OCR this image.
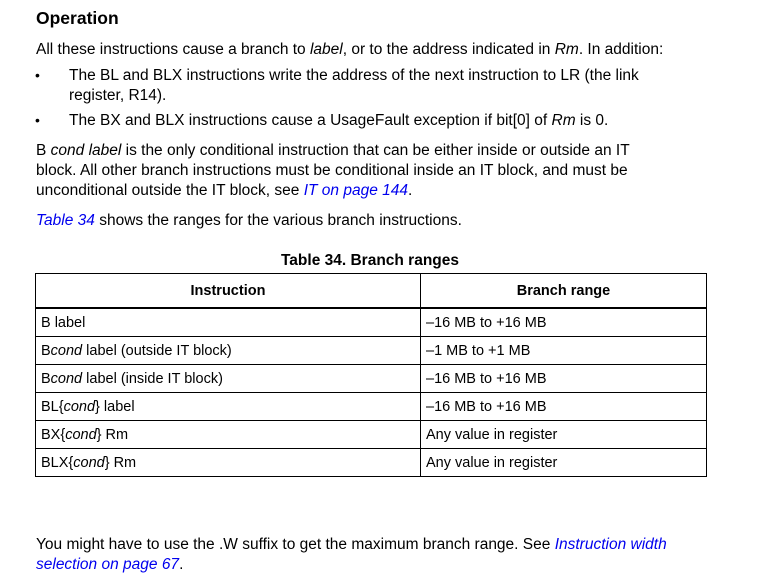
Operation
All these instructions cause a branch to label, or to the address indicated in Rm. In addition:
• The BL and BLX instructions write the address of the next instruction to LR (the link
register, R14).
• The BX and BLX instructions cause a UsageFault exception if bit[0] of Rm is 0.
B cond label is the only conditional instruction that can be either inside or outside an IT
block. All other branch instructions must be conditional inside an IT block, and must be
unconditional outside the IT block, see IT on page 144.
Table 34 shows the ranges for the various branch instructions.
Table 34. Branch ranges
Instruction	Branch range
B label	–16 MB to +16 MB
Bcond label (outside IT block)	–1 MB to +1 MB
Bcond label (inside IT block)	–16 MB to +16 MB
BL{cond} label	–16 MB to +16 MB
BX{cond} Rm	Any value in register
BLX{cond} Rm	Any value in register
You might have to use the .W suffix to get the maximum branch range. See Instruction width
selection on page 67.
